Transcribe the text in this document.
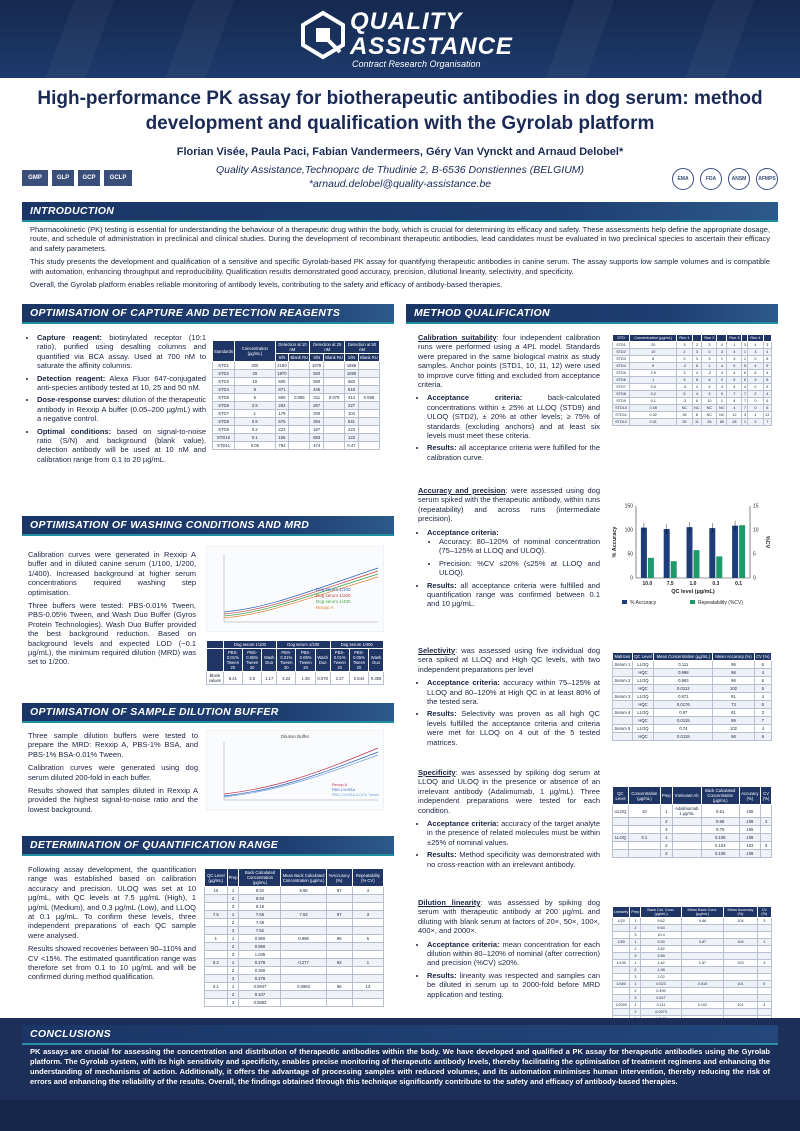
QUALITY
ASSISTANCE
Contract Research Organisation
High-performance PK assay for biotherapeutic antibodies in dog serum: method development and qualification with the Gyrolab platform
Florian Visée, Paula Paci, Fabian Vandermeers, Géry Van Vynckt and Arnaud Delobel*
Quality Assistance,Technoparc de Thudinie 2, B-6536 Donstiennes (BELGIUM)
*arnaud.delobel@quality-assistance.be
GMP	GLP	GCP	GCLP	EMA	FDA	ANSM	AFMPS
INTRODUCTION

Pharmacokinetic (PK) testing is essential for understanding the behaviour of a therapeutic drug within the body, which is crucial for determining its efficacy and safety. These assessments help define the appropriate dosage, route, and schedule of administration in preclinical and clinical studies. During the development of recombinant therapeutic antibodies, lead candidates must be evaluated in two preclinical species to ascertain their efficacy and safety parameters.

This study presents the development and qualification of a sensitive and specific Gyrolab-based PK assay for quantifying therapeutic antibodies in canine serum. The assay supports low sample volumes and is compatible with automation, enhancing throughput and reproducibility. Qualification results demonstrated good accuracy, precision, dilutional linearity, selectivity, and specificity.

Overall, the Gyrolab platform enables reliable monitoring of antibody levels, contributing to the safety and efficacy of antibody-based therapies.

OPTIMISATION OF CAPTURE AND DETECTION REAGENTS
• Capture reagent: biotinylated receptor (10:1 ratio), purified using desalting columns and quantified via BCA assay. Used at 700 nM to saturate the affinity columns.
• Detection reagent: Alexa Fluor 647-conjugated anti-species antibody tested at 10, 25 and 50 nM.
• Dose-response curves: dilution of the therapeutic antibody in Rexxip A buffer (0.05–200 µg/mL) with a negative control.
• Optimal conditions: based on signal-to-noise ratio (S/N) and background (blank value), detection antibody will be used at 10 nM and calibration range from 0.1 to 20 µg/mL.
Standards	Concentration (µg/mL)	Detection at 10 nM		Detection at 25 nM		Detection at 50 nM	
		S/N	Blank RU	S/N	Blank RU	S/N	Blank RU
STD1	200	2150		1978		1596	
STD2	20	1970		920		1090	
STD3	10	605		550		683	
STD4	8	871		445		518	
STD5	5	506	0.055	311	0.079	414	0.058
STD6	2.5	282		267		227	
STD7	1	179		200		104	
STD8	0.5	675		394		541	
STD9	0.2	223		167		223	
STD10	0.1	155		683		123	
STD11	0.05	792		474		0.47	
OPTIMISATION OF WASHING CONDITIONS AND MRD

Calibration curves were generated in Rexxip A buffer and in diluted canine serum (1/100, 1/200, 1/400). Increased background at higher serum concentrations required washing step optimisation.

Three buffers were tested: PBS-0.01% Tween, PBS-0.05% Tween, and Wash Duo Buffer (Gyros Protein Technologies). Wash Duo Buffer provided the best background reduction. Based on background levels and expected LOD (~0.1 µg/mL), the minimum required dilution (MRD) was set to 1/200.

Dog serum 1/100
Dog serum 1/200
Dog serum 1/400
Rexxip A
	Dog serum 1/100			Dog serum 1/200			Dog serum 1/400		
	PBS-0.01% Tween 20	PBS-0.05% Tween 20	Wash Duo	PBS-0.01% Tween 20	PBS-0.05% Tween 20	Wash Duo	PBS-0.01% Tween 20	PBS-0.05% Tween 20	Wash Duo
Blank values	8.41	3.5	1.17	4.22	1.36	0.078	2.27	0.844	0.359
OPTIMISATION OF SAMPLE DILUTION BUFFER

Three sample dilution buffers were tested to prepare the MRD: Rexxip A, PBS-1% BSA, and PBS-1% BSA-0.01% Tween.

Calibration curves were generated using dog serum diluted 200-fold in each buffer.

Results showed that samples diluted in Rexxip A provided the highest signal-to-noise ratio and the lowest background.

Dilution Buffer
Rexxip A
PBS-1% BSA
PBS-1% BSA-0.01% Tween
DETERMINATION OF QUANTIFICATION RANGE

Following assay development, the quantification range was established based on calibration accuracy and precision. ULOQ was set at 10 µg/mL, with QC levels at 7.5 µg/mL (High), 1 µg/mL (Medium), and 0.3 µg/mL (Low), and LLOQ at 0.1 µg/mL. To confirm these levels, three independent preparations of each QC sample were analysed.

Results showed recoveries between 90–110% and CV <15%. The estimated quantification range was therefore set from 0.1 to 10 µg/mL and will be confirmed during method qualification.

QC Level (µg/mL)	Prep	Back Calculated Concentration (µg/mL)	Mean Back Calculated Concentration (µg/mL)	%Accuracy (%)	Repeatability (% CV)
10	1	9.92	9.65	97	4
	2	9.93			
	3	9.18			
7.5	1	7.66	7.53	97	3
	2	7.48			
	3	7.52			
1	1	0.950	0.996	95	5
	2	0.990			
	3	1.045			
0.3	1	0.276	0.277	92	1
	2	0.280			
	3	0.276			
0.1	1	0.0947	0.0963	96	13
	2	0.107			
	3	0.0883			
METHOD QUALIFICATION

Calibration suitability: four independent calibration runs were performed using a 4PL model. Standards were prepared in the same biological matrix as study samples. Anchor points (STD1, 10, 11, 12) were used to improve curve fitting and excluded from acceptance criteria.

• Acceptance criteria:	back-calculated concentrations within ± 25% at LLOQ (STD9) and ULOQ (STD2), ± 20% at other levels; ≥ 75% of standards (excluding anchors) and at least six levels must meet these criteria.
• Results: all acceptance criteria were fulfilled for the calibration curve.
STD	Concentration (µg/mL)	Run 1		Run 2		Run 3		Run 4	
STD1	20	3	2	3	4	1	3	4	3
STD2	10	2	3	0	3	4	1	3	4
STD3	8	0	3	3	1	3	1	0	8
STD4	5	-2	6	1	4	5	5	4	5
STD5	2.5	3	4	-2	3	4	6	6	4
STD6	1	3	8	6	2	5	6	3	8
STD7	0.5	-3	4	4	3	4	4	0	5
STD8	0.2	5	4	3	5	7	7	2	4
STD9	0.1	-3	6	10	1	4	7	0	6
STD10	0.05	NC	NC	NC	NC	4	7	0	6
STD11	0.02	28	8	NC	NC	12	3	1	13
STD12	0.01	25	11	26	89	28	1	2	7

Accuracy and precision: were assessed using dog serum spiked with the therapeutic antibody, within runs (repeatability) and across runs (intermediate precision).

• Acceptance criteria:
• Accuracy: 80–120% of nominal concentration (75–125% at LLOQ and ULOQ).
• Precision: %CV ≤20% (≤25% at LLOQ and ULOQ).
• Results: all acceptance criteria were fulfilled and quantification range was confirmed between 0.1 and 10 µg/mL.
0
50
100
150
0
5
10
15
% Accuracy	%CV
10.0	7.5	1.0	0.3	0.1
QC level (µg/mL)
% Accuracy	Repeatability (%CV)

Selectivity: was assessed using five individual dog sera spiked at LLOQ and High QC levels, with two independent preparations per level

• Acceptance criteria: accuracy within 75–125% at LLOQ and 80–120% at High QC in at least 80% of the tested sera.
• Results: Selectivity was proven as all high QC levels fulfilled the acceptance criteria and criteria were met for LLOQ on 4 out of the 5 tested matrices.
Matrices	QC Level	Mean Concentration (µg/mL)	Mean Accuracy (%)	CV (%)
Serum 1	LLOQ	0.111	96	6
	HQC	0.998	98	4
Serum 2	LLOQ	0.993	96	6
	HQC	0.0112	102	5
Serum 3	LLOQ	0.971	91	4
	HQC	0.0176	73	5
Serum 4	LLOQ	0.97	91	3
	HQC	0.0115	89	7
Serum 5	LLOQ	0.74	102	4
	HQC	0.0118	98	6

Specificity: was assessed by spiking dog serum at LLOQ and ULOQ in the presence or absence of an irrelevant antibody (Adalimumab, 1 µg/mL). Three independent preparations were tested for each condition.

• Acceptance criteria: accuracy of the target analyte in the presence of related molecules must be within ±25% of nominal values.
• Results: Method specificity was demonstrated with no cross-reaction with an irrelevant antibody.
QC Level	Concentration (µg/mL)	Prep	Irrelevant Ab	Back Calculated Concentration (µg/mL)	Accuracy (%)	CV (%)
ULOQ	10	1	Adalimumab 1 µg/mL	9.51	105	
		2		9.68	108	4
		3		9.79	105	
LLOQ	0.1	1		0.108	108	
		2		0.103	103	3
		3		0.108	108	

Dilution linearity: was assessed by spiking dog serum with therapeutic antibody at 200 µg/mL and diluting with blank serum at factors of 20×, 50×, 100×, 400×, and 2000×.

• Acceptance criteria: mean concentration for each dilution within 80–120% of nominal (after correction) and precision (%CV) ≤20%.
• Results: linearity was respected and samples can be diluted in serum up to 2000-fold before MRD application and testing.
Linearity	Prep	Back Cal. Conc. (µg/mL)	Mean Back Conc. (µg/mL)	Mean Accuracy (%)	CV (%)
1/20	1	9.62	9.66	104	3
	2	9.64			
	3	10.4			
1/50	1	3.90	3.87	104	1
	2	3.82			
	3	3.89			
1/100	1	1.62	1.87	103	3
	2	1.98			
	3	2.02			
1/400	1	0.523	0.510	101	5
	2	0.490			
	3	0.517			
1/2000	1	0.111	0.102	101	4
	2	0.0973			

CONCLUSIONS
PK assays are crucial for assessing the concentration and distribution of therapeutic antibodies within the body. We have developed and qualified a PK assay for therapeutic antibodies using the Gyrolab platform. The Gyrolab system, with its high sensitivity and specificity, enables precise monitoring of therapeutic antibody levels, thereby facilitating the optimisation of treatment regimens and enhancing the understanding of mechanisms of action. Additionally, it offers the advantage of processing samples with reduced volumes, and its automation minimises human intervention, thereby reducing the risk of errors and enhancing the reliability of the results. Overall, the findings obtained through this technique significantly contribute to the safety and efficacy of antibody-based therapies.
